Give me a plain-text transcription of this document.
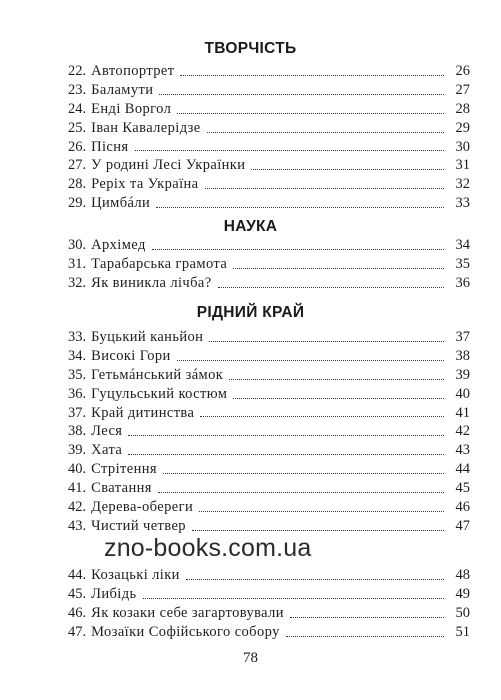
ТВОРЧІСТЬ
22. Автопортрет	26
23. Баламути	27
24. Енді Воргол	28
25. Іван Кавалерідзе	29
26. Пісня	30
27. У родині Лесі Українки	31
28. Реріх та Україна	32
29. Цимбáли	33
НАУКА
30. Архімед	34
31. Тарабарська грамота	35
32. Як виникла лічба?	36
РІДНИЙ КРАЙ
33. Буцький каньйон	37
34. Високі Гори	38
35. Гетьмáнський зáмок	39
36. Гуцульський костюм	40
37. Край дитинства	41
38. Леся	42
39. Хата	43
40. Стрітення	44
41. Сватання	45
42. Дерева-обереги	46
43. Чистий четвер	47
zno-books.com.ua
44. Козацькі ліки	48
45. Либідь	49
46. Як козаки себе загартовували	50
47. Мозаїки Софійського собору	51
78
